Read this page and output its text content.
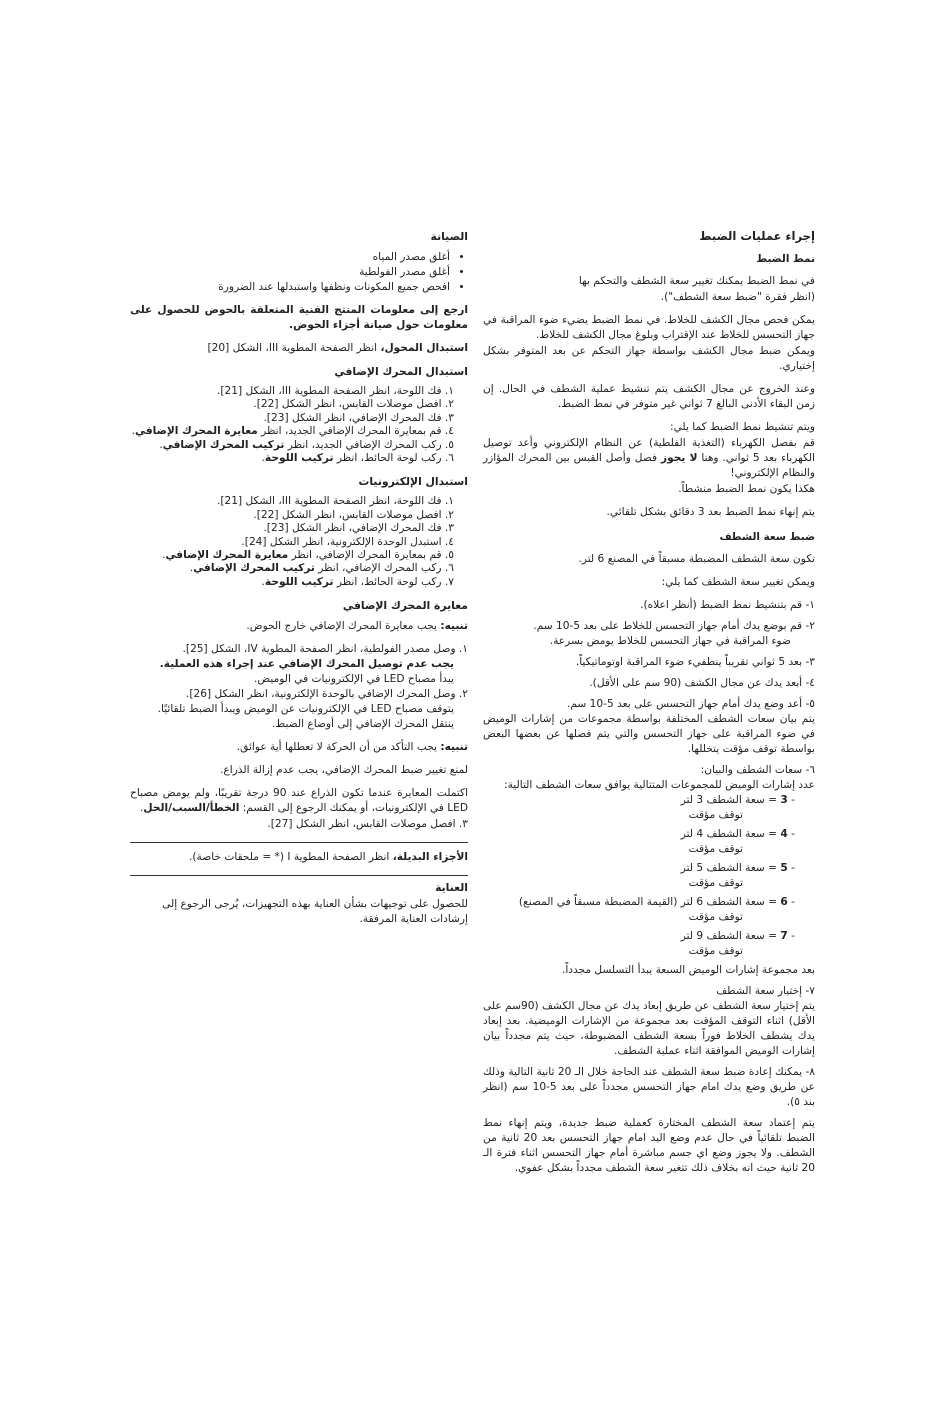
إجراء عمليات الضبط
نمط الضبط

في نمط الضبط يمكنك تغيير سعة الشطف والتحكم بها

(انظر فقرة "ضبط سعة الشطف").

يمكن فحص مجال الكشف للخلاط. في نمط الضبط يضيء ضوء المراقبة في جهاز التحسس للخلاط عند الإقتراب وبلوغ مجال الكشف للخلاط.

ويمكن ضبط مجال الكشف بواسطة جهاز التحكم عن بعد المتوفر بشكل إختياري.

وعند الخروج عن مجال الكشف يتم تنشيط عملية الشطف في الحال. إن زمن البقاء الأدنى البالغ 7 ثواني غير متوفر في نمط الضبط.

ويتم تنشيط نمط الضبط كما يلي:

قم بفصل الكهرباء (التغذية الفلطية) عن النظام الإلكتروني وأعد توصيل الكهرباء بعد 5 ثواني. وهنا لا يجوز فصل وأصل القبس بين المحرك المؤازر والنظام الإلكتروني!

هكذا يكون نمط الضبط منشطاً.

يتم إنهاء نمط الضبط بعد 3 دقائق بشكل تلقائي.

ضبط سعة الشطف

تكون سعة الشطف المضبطة مسبقاً في المصنع 6 لتر.

ويمكن تغيير سعة الشطف كما يلي:

١- قم بتنشيط نمط الضبط (أنظر اعلاه).
٢- قم بوضع يدك أمام جهاز التحسس للخلاط على بعد 5-10 سم.
ضوء المراقبة في جهاز التحسس للخلاط يومض بسرعة.
٣- بعد 5 ثواني تقريباً ينطفيء ضوء المراقبة اوتوماتيكياً.
٤- أبعد يدك عن مجال الكشف (90 سم على الأقل).
٥- أعد وضع يدك أمام جهاز التحسس على بعد 5-10 سم.
يتم بيان سعات الشطف المختلفة بواسطة مجموعات من إشارات الوميض في ضوء المراقبة على جهاز التحسس والتي يتم فصلها عن بعضها البعض بواسطة توقف مؤقت يتخللها.
٦- سعات الشطف والبيان:
عدد إشارات الوميض للمجموعات المتتالية يوافق سعات الشطف التالية:
- 3 = سعة الشطف 3 لتر
توقف مؤقت
- 4 = سعة الشطف 4 لتر
توقف مؤقت
- 5 = سعة الشطف 5 لتر
توقف مؤقت
- 6 = سعة الشطف 6 لتر (القيمة المضبطة مسبقاً في المصنع)
توقف مؤقت
- 7 = سعة الشطف 9 لتر
توقف مؤقت
بعد مجموعة إشارات الوميض السبعة يبدأ التسلسل مجدداً.
٧- إختيار سعة الشطف
يتم إختيار سعة الشطف عن طريق إبعاد يدك عن مجال الكشف (90سم على الأقل) اثناء التوقف المؤقت بعد مجموعة من الإشارات الوميضية. بعد إبعاد يدك يشطف الخلاط فوراً بسعة الشطف المضبوطة، حيث يتم مجدداً بيان إشارات الوميض الموافقة اثناء عملية الشطف.
٨- يمكنك إعادة ضبط سعة الشطف عند الحاجة خلال الـ 20 ثانية التالية وذلك عن طريق وضع يدك امام جهاز التحسس مجدداً على بعد 5-10 سم (انظر بند ٥).

يتم إعتماد سعة الشطف المختارة كعملية ضبط جديدة، ويتم إنهاء نمط الضبط تلقائياً في حال عدم وضع اليد امام جهاز التحسس بعد 20 ثانية من الشطف. ولا يجوز وضع اي جسم مباشرة أمام جهاز التحسس اثناء فترة الـ 20 ثانية حيث انه بخلاف ذلك تتغير سعة الشطف مجدداً بشكل عفوي.

الصيانة
• أغلق مصدر المياه
• أغلق مصدر الفولطية
• افحص جميع المكونات ونظفها واستبدلها عند الضرورة

ارجع إلى معلومات المنتج الفنية المتعلقة بالحوض للحصول على معلومات حول صيانة أجزاء الحوض.

استبدال المحول، انظر الصفحة المطوية III، الشكل [20]

استبدال المحرك الإضافي
١. فك اللوحة، انظر الصفحة المطوية III، الشكل [21].
٢. افصل موصلات القابس، انظر الشكل [22].
٣. فك المحرك الإضافي، انظر الشكل [23].
٤. قم بمعايرة المحرك الإضافي الجديد، انظر معايرة المحرك الإضافي.
٥. ركب المحرك الإضافي الجديد، انظر تركيب المحرك الإضافي.
٦. ركب لوحة الحائط، انظر تركيب اللوحة.
استبدال الإلكترونيات
١. فك اللوحة، انظر الصفحة المطوية III، الشكل [21].
٢. افصل موصلات القابس، انظر الشكل [22].
٣. فك المحرك الإضافي، انظر الشكل [23].
٤. استبدل الوحدة الإلكترونية، انظر الشكل [24].
٥. قم بمعايرة المحرك الإضافي، انظر معايرة المحرك الإضافي.
٦. ركب المحرك الإضافي، انظر تركيب المحرك الإضافي.
٧. ركب لوحة الحائط، انظر تركيب اللوحة.
معايرة المحرك الإضافي

تنبيه: يجب معايرة المحرك الإضافي خارج الحوض.

١. وصل مصدر الفولطية، انظر الصفحة المطوية IV، الشكل [25].
يجب عدم توصيل المحرك الإضافي عند إجراء هذه العملية.
يبدأ مصباح LED في الإلكترونيات في الوميض.
٢. وصل المحرك الإضافي بالوحدة الإلكترونية، انظر الشكل [26].
يتوقف مصباح LED في الإلكترونيات عن الوميض ويبدأ الضبط تلقائيًا.
ينتقل المحرك الإضافي إلى أوضاع الضبط.

تنبيه: يجب التأكد من أن الحركة لا تعطلها أية عوائق.

لمنع تغيير ضبط المحرك الإضافي، يجب عدم إزالة الذراع.

اكتملت المعايرة عندما تكون الذراع عند 90 درجة تقريبًا، ولم يومض مصباح LED في الإلكترونيات، أو يمكنك الرجوع إلى القسم: الخطأ/السبب/الحل.

٣. افصل موصلات القابس، انظر الشكل [27].

الأجزاء البديلة، انظر الصفحة المطوية I (* = ملحقات خاصة).
العناية
للحصول على توجيهات بشأن العناية بهذه التجهيزات، يُرجى الرجوع إلى إرشادات العناية المرفقة.
